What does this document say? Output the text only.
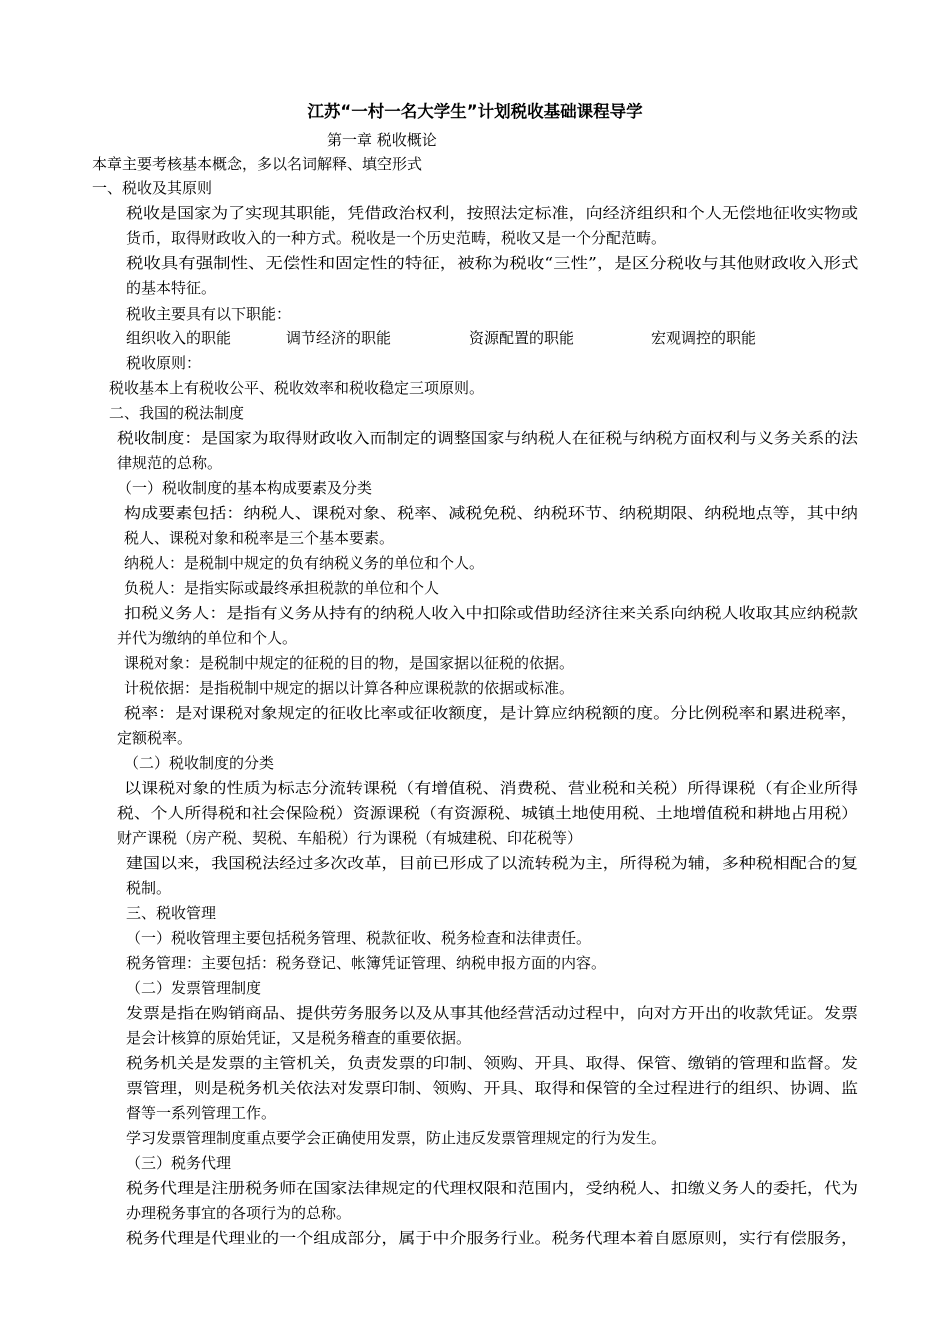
江苏“一村一名大学生”计划税收基础课程导学
第一章 税收概论
本章主要考核基本概念，多以名词解释、填空形式
一、税收及其原则
税收是国家为了实现其职能，凭借政治权利，按照法定标准，向经济组织和个人无偿地征收实物或
货币，取得财政收入的一种方式。税收是一个历史范畴，税收又是一个分配范畴。
税收具有强制性、无偿性和固定性的特征，被称为税收“三性”，是区分税收与其他财政收入形式
的基本特征。
税收主要具有以下职能：
组织收入的职能	调节经济的职能	资源配置的职能	宏观调控的职能
税收原则：
税收基本上有税收公平、税收效率和税收稳定三项原则。
二、我国的税法制度
税收制度：是国家为取得财政收入而制定的调整国家与纳税人在征税与纳税方面权利与义务关系的法
律规范的总称。
（一）税收制度的基本构成要素及分类
构成要素包括：纳税人、课税对象、税率、减税免税、纳税环节、纳税期限、纳税地点等，其中纳
税人、课税对象和税率是三个基本要素。
纳税人：是税制中规定的负有纳税义务的单位和个人。
负税人：是指实际或最终承担税款的单位和个人
扣税义务人：是指有义务从持有的纳税人收入中扣除或借助经济往来关系向纳税人收取其应纳税款
并代为缴纳的单位和个人。
课税对象：是税制中规定的征税的目的物，是国家据以征税的依据。
计税依据：是指税制中规定的据以计算各种应课税款的依据或标准。
税率：是对课税对象规定的征收比率或征收额度，是计算应纳税额的度。分比例税率和累进税率，
定额税率。
（二）税收制度的分类
以课税对象的性质为标志分流转课税（有增值税、消费税、营业税和关税）所得课税（有企业所得
税、个人所得税和社会保险税）资源课税（有资源税、城镇土地使用税、土地增值税和耕地占用税）
财产课税（房产税、契税、车船税）行为课税（有城建税、印花税等）
建国以来，我国税法经过多次改革，目前已形成了以流转税为主，所得税为辅，多种税相配合的复
税制。
三、税收管理
（一）税收管理主要包括税务管理、税款征收、税务检查和法律责任。
税务管理：主要包括：税务登记、帐簿凭证管理、纳税申报方面的内容。
（二）发票管理制度
发票是指在购销商品、提供劳务服务以及从事其他经营活动过程中，向对方开出的收款凭证。发票
是会计核算的原始凭证，又是税务稽查的重要依据。
税务机关是发票的主管机关，负责发票的印制、领购、开具、取得、保管、缴销的管理和监督。发
票管理，则是税务机关依法对发票印制、领购、开具、取得和保管的全过程进行的组织、协调、监
督等一系列管理工作。
学习发票管理制度重点要学会正确使用发票，防止违反发票管理规定的行为发生。
（三）税务代理
税务代理是注册税务师在国家法律规定的代理权限和范围内，受纳税人、扣缴义务人的委托，代为
办理税务事宜的各项行为的总称。
税务代理是代理业的一个组成部分，属于中介服务行业。税务代理本着自愿原则，实行有偿服务，
